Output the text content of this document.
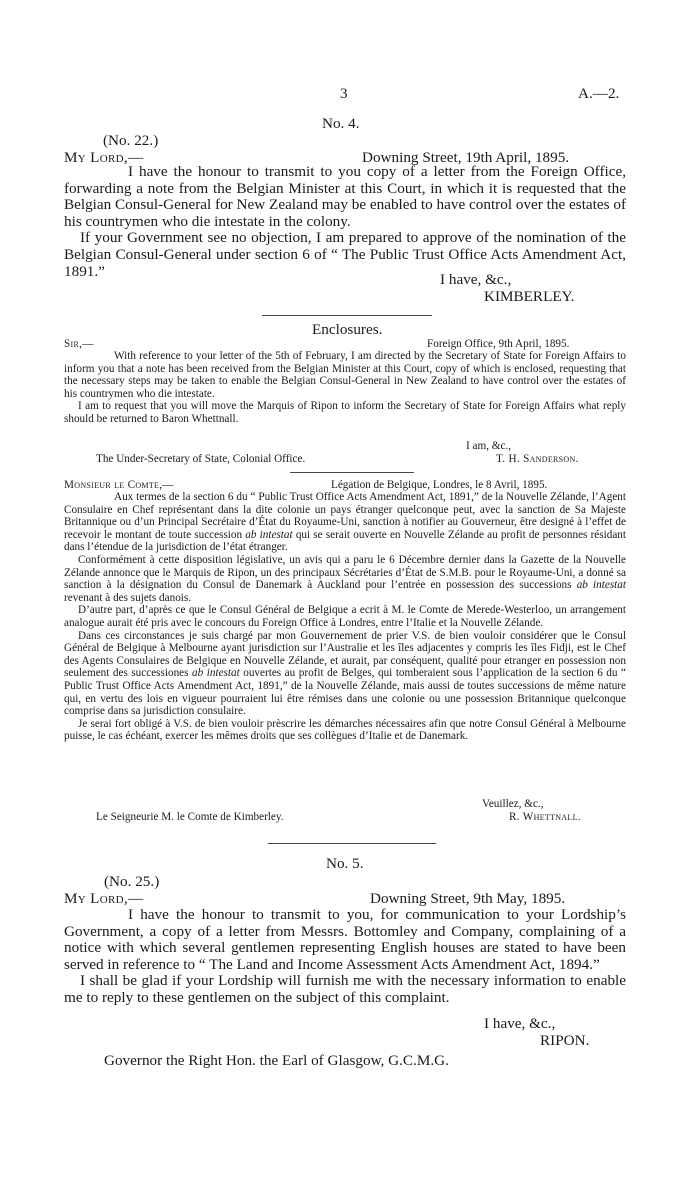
3	A.—2.
No. 4.
(No. 22.)
My Lord,—	Downing Street, 19th April, 1895.

I have the honour to transmit to you copy of a letter from the Foreign Office, forwarding a note from the Belgian Minister at this Court, in which it is requested that the Belgian Consul-General for New Zealand may be enabled to have control over the estates of his countrymen who die intestate in the colony.

If your Government see no objection, I am prepared to approve of the nomination of the Belgian Consul-General under section 6 of “ The Public Trust Office Acts Amendment Act, 1891.”	I have, &c.,
KIMBERLEY.
Enclosures.
Sir,—	Foreign Office, 9th April, 1895.

With reference to your letter of the 5th of February, I am directed by the Secretary of State for Foreign Affairs to inform you that a note has been received from the Belgian Minister at this Court, copy of which is enclosed, requesting that the necessary steps may be taken to enable the Belgian Consul-General in New Zealand to have control over the estates of his countrymen who die intestate.

I am to request that you will move the Marquis of Ripon to inform the Secretary of State for Foreign Affairs what reply should be returned to Baron Whettnall.

I am, &c.,
The Under-Secretary of State, Colonial Office.	T. H. Sanderson.
Monsieur le Comte,—	Légation de Belgique, Londres, le 8 Avril, 1895.

Aux termes de la section 6 du “ Public Trust Office Acts Amendment Act, 1891,” de la Nouvelle Zélande, l’Agent Consulaire en Chef représentant dans la dite colonie un pays étranger quelconque peut, avec la sanction de Sa Majeste Britannique ou d’un Principal Secrétaire d’État du Royaume-Uni, sanction à notifier au Gouverneur, être designé à l’effet de recevoir le montant de toute succession ab intestat qui se serait ouverte en Nouvelle Zélande au profit de personnes résidant dans l’étendue de la jurisdiction de l’état étranger.

Conformément à cette disposition législative, un avis qui a paru le 6 Décembre dernier dans la Gazette de la Nouvelle Zélande annonce que le Marquis de Ripon, un des principaux Sécrétaries d’État de S.M.B. pour le Royaume-Uni, a donné sa sanction à la désignation du Consul de Danemark à Auckland pour l’entrée en possession des successions ab intestat revenant à des sujets danois.

D’autre part, d’après ce que le Consul Général de Belgique a ecrit à M. le Comte de Merede-Westerloo, un arrangement analogue aurait été pris avec le concours du Foreign Office à Londres, entre l’Italie et la Nouvelle Zélande.

Dans ces circonstances je suis chargé par mon Gouvernement de prier V.S. de bien vouloir considérer que le Consul Général de Belgique à Melbourne ayant jurisdiction sur l’Australie et les îles adjacentes y compris les îles Fidji, est le Chef des Agents Consulaires de Belgique en Nouvelle Zélande, et aurait, par conséquent, qualité pour etranger en possession non seulement des successiones ab intestat ouvertes au profit de Belges, qui tomberaient sous l’application de la section 6 du “ Public Trust Office Acts Amendment Act, 1891,” de la Nouvelle Zélande, mais aussi de toutes successions de même nature qui, en vertu des lois en vigueur pourraient lui être rémises dans une colonie ou une possession Britannique quelconque comprise dans sa jurisdiction consulaire.

Je serai fort obligé à V.S. de bien vouloir prèscrire les démarches nécessaires afin que notre Consul Général à Melbourne puisse, le cas échéant, exercer les mêmes droits que ses collègues d’Italie et de Danemark.

Veuillez, &c.,
Le Seigneurie M. le Comte de Kimberley.	R. Whettnall.
No. 5.
(No. 25.)
My Lord,—	Downing Street, 9th May, 1895.

I have the honour to transmit to you, for communication to your Lordship’s Government, a copy of a letter from Messrs. Bottomley and Company, complaining of a notice with which several gentlemen representing English houses are stated to have been served in reference to “ The Land and Income Assessment Acts Amendment Act, 1894.”

I shall be glad if your Lordship will furnish me with the necessary information to enable me to reply to these gentlemen on the subject of this complaint.

I have, &c.,
RIPON.
Governor the Right Hon. the Earl of Glasgow, G.C.M.G.
